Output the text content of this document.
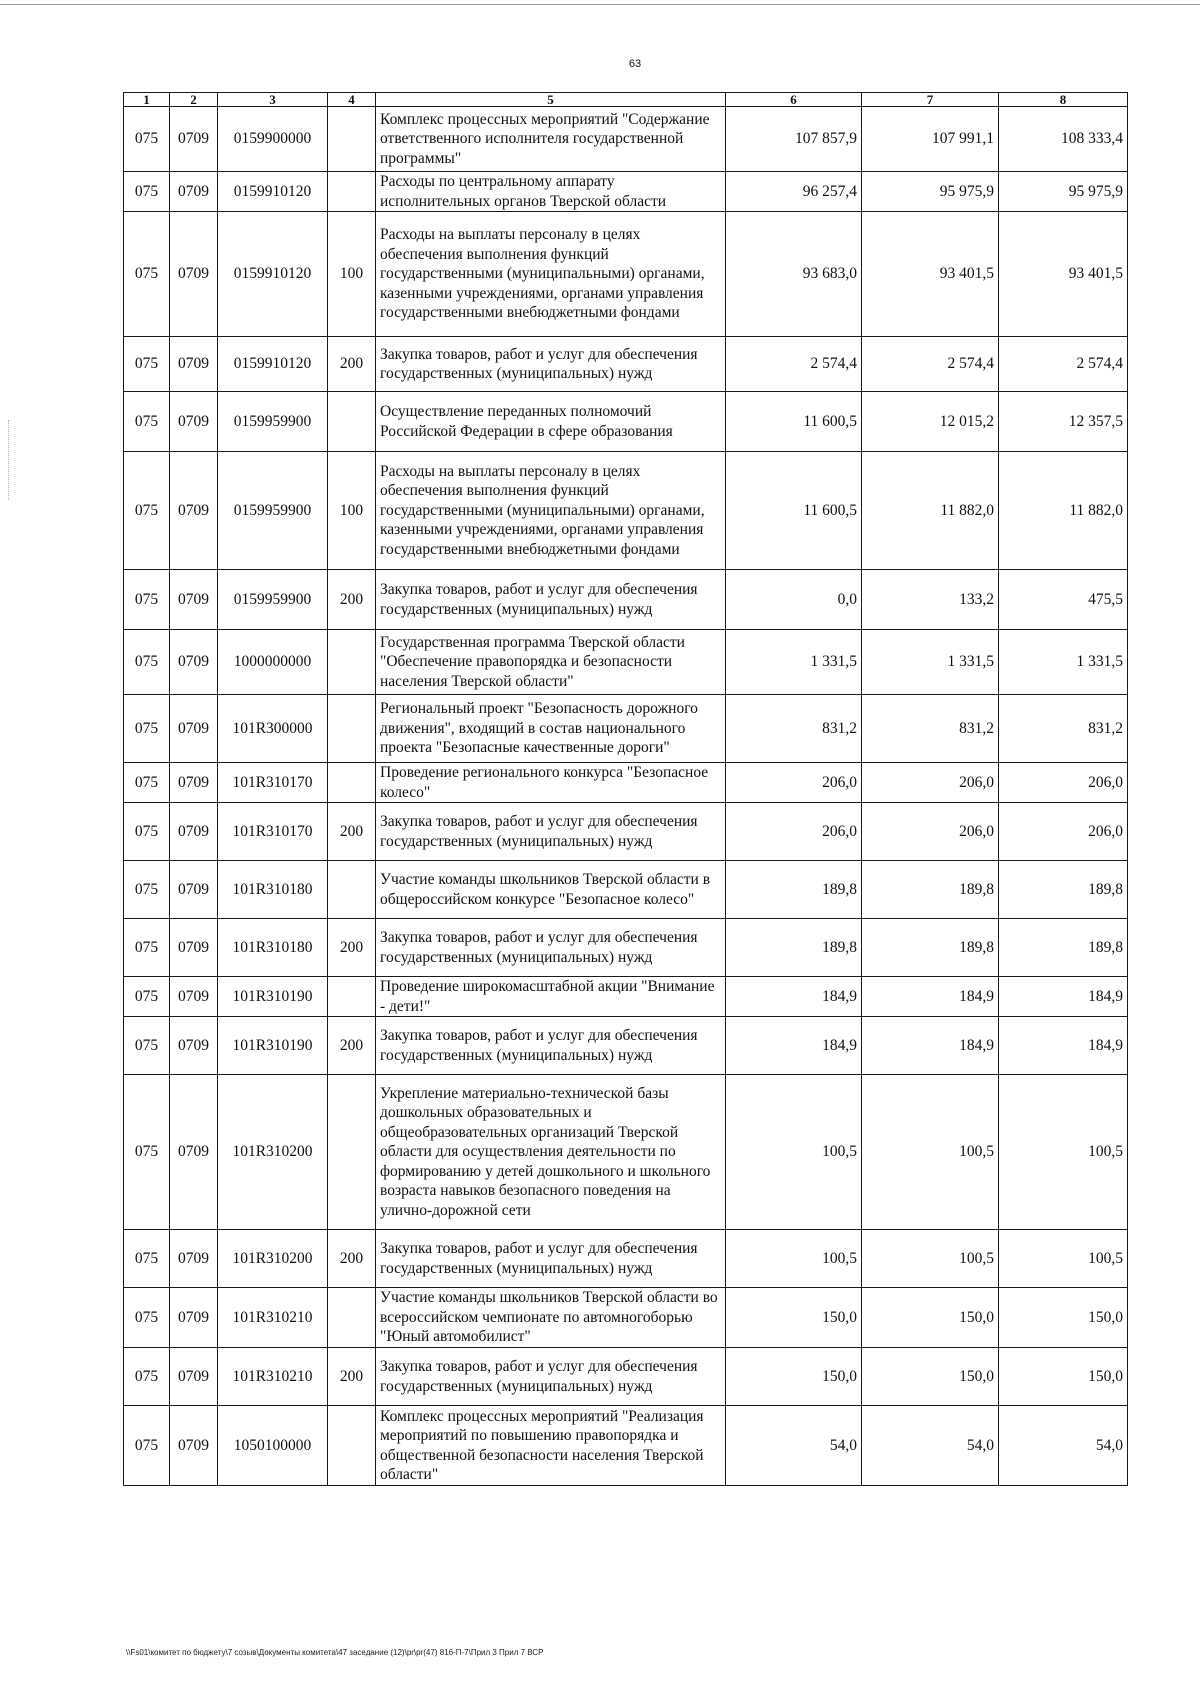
63
1	2	3	4	5	6	7	8
075	0709	0159900000		Комплекс процессных мероприятий "Содержание ответственного исполнителя государственной программы"	107 857,9	107 991,1	108 333,4
075	0709	0159910120		Расходы по центральному аппарату исполнительных органов Тверской области	96 257,4	95 975,9	95 975,9
075	0709	0159910120	100	Расходы на выплаты персоналу в целях обеспечения выполнения функций государственными (муниципальными) органами, казенными учреждениями, органами управления государственными внебюджетными фондами	93 683,0	93 401,5	93 401,5
075	0709	0159910120	200	Закупка товаров, работ и услуг для обеспечения государственных (муниципальных) нужд	2 574,4	2 574,4	2 574,4
075	0709	0159959900		Осуществление переданных полномочий Российской Федерации в сфере образования	11 600,5	12 015,2	12 357,5
075	0709	0159959900	100	Расходы на выплаты персоналу в целях обеспечения выполнения функций государственными (муниципальными) органами, казенными учреждениями, органами управления государственными внебюджетными фондами	11 600,5	11 882,0	11 882,0
075	0709	0159959900	200	Закупка товаров, работ и услуг для обеспечения государственных (муниципальных) нужд	0,0	133,2	475,5
075	0709	1000000000		Государственная программа Тверской области "Обеспечение правопорядка и безопасности населения Тверской области"	1 331,5	1 331,5	1 331,5
075	0709	101R300000		Региональный проект "Безопасность дорожного движения", входящий в состав национального проекта "Безопасные качественные дороги"	831,2	831,2	831,2
075	0709	101R310170		Проведение регионального конкурса "Безопасное колесо"	206,0	206,0	206,0
075	0709	101R310170	200	Закупка товаров, работ и услуг для обеспечения государственных (муниципальных) нужд	206,0	206,0	206,0
075	0709	101R310180		Участие команды школьников Тверской области в общероссийском конкурсе "Безопасное колесо"	189,8	189,8	189,8
075	0709	101R310180	200	Закупка товаров, работ и услуг для обеспечения государственных (муниципальных) нужд	189,8	189,8	189,8
075	0709	101R310190		Проведение широкомасштабной акции "Внимание - дети!"	184,9	184,9	184,9
075	0709	101R310190	200	Закупка товаров, работ и услуг для обеспечения государственных (муниципальных) нужд	184,9	184,9	184,9
075	0709	101R310200		Укрепление материально-технической базы дошкольных образовательных и общеобразовательных организаций Тверской области для осуществления деятельности по формированию у детей дошкольного и школьного возраста навыков безопасного поведения на улично-дорожной сети	100,5	100,5	100,5
075	0709	101R310200	200	Закупка товаров, работ и услуг для обеспечения государственных (муниципальных) нужд	100,5	100,5	100,5
075	0709	101R310210		Участие команды школьников Тверской области во всероссийском чемпионате по автомногоборью "Юный автомобилист"	150,0	150,0	150,0
075	0709	101R310210	200	Закупка товаров, работ и услуг для обеспечения государственных (муниципальных) нужд	150,0	150,0	150,0
075	0709	1050100000		Комплекс процессных мероприятий "Реализация мероприятий по повышению правопорядка и общественной безопасности населения Тверской области"	54,0	54,0	54,0
\\Fs01\комитет по бюджету\7 созыв\Документы комитета\47 заседание (12)\pr\pr(47) 816-П-7\Прил 3 Прил 7 ВСР
